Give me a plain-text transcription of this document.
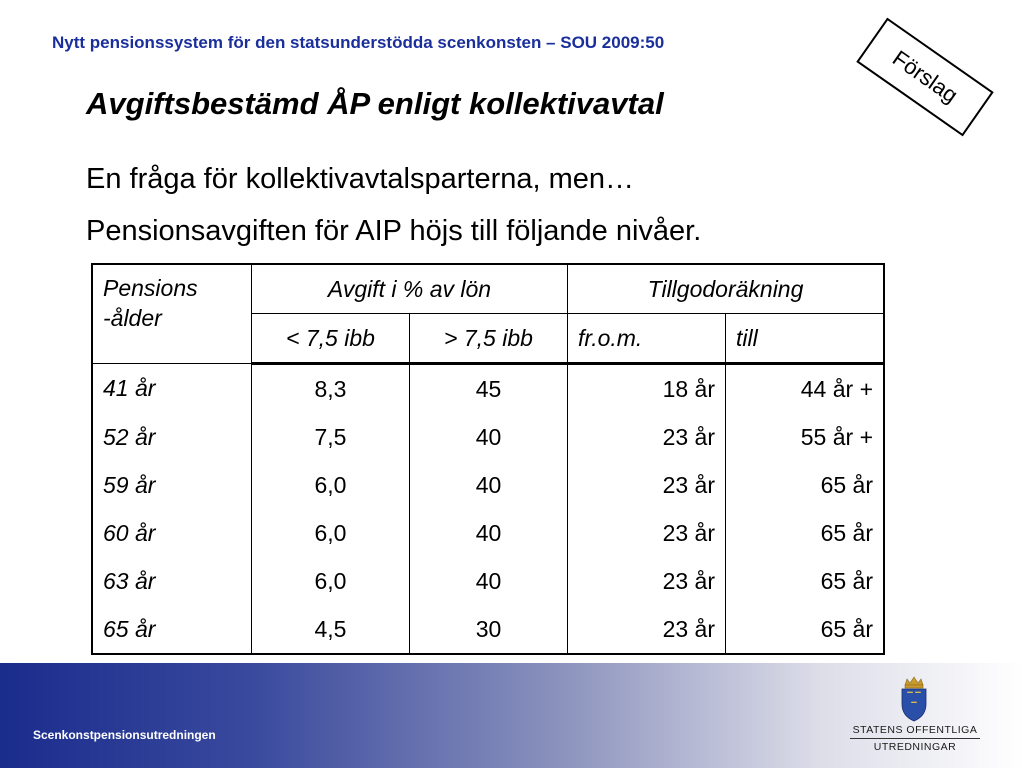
Nytt pensionssystem för den statsunderstödda scenkonsten – SOU 2009:50
Förslag
Avgiftsbestämd ÅP enligt kollektivavtal
En fråga för kollektivavtalsparterna, men…
Pensionsavgiften för AIP höjs till följande nivåer.
Pensions
-ålder	Avgift i % av lön		Tillgodoräkning	
	< 7,5 ibb	> 7,5 ibb	fr.o.m.	till
41 år	8,3	45	18 år	44 år +
52 år	7,5	40	23 år	55 år +
59 år	6,0	40	23 år	65 år
60 år	6,0	40	23 år	65 år
63 år	6,0	40	23 år	65 år
65 år	4,5	30	23 år	65 år
Scenkonstpensionsutredningen	STATENS OFFENTLIGA
UTREDNINGAR
